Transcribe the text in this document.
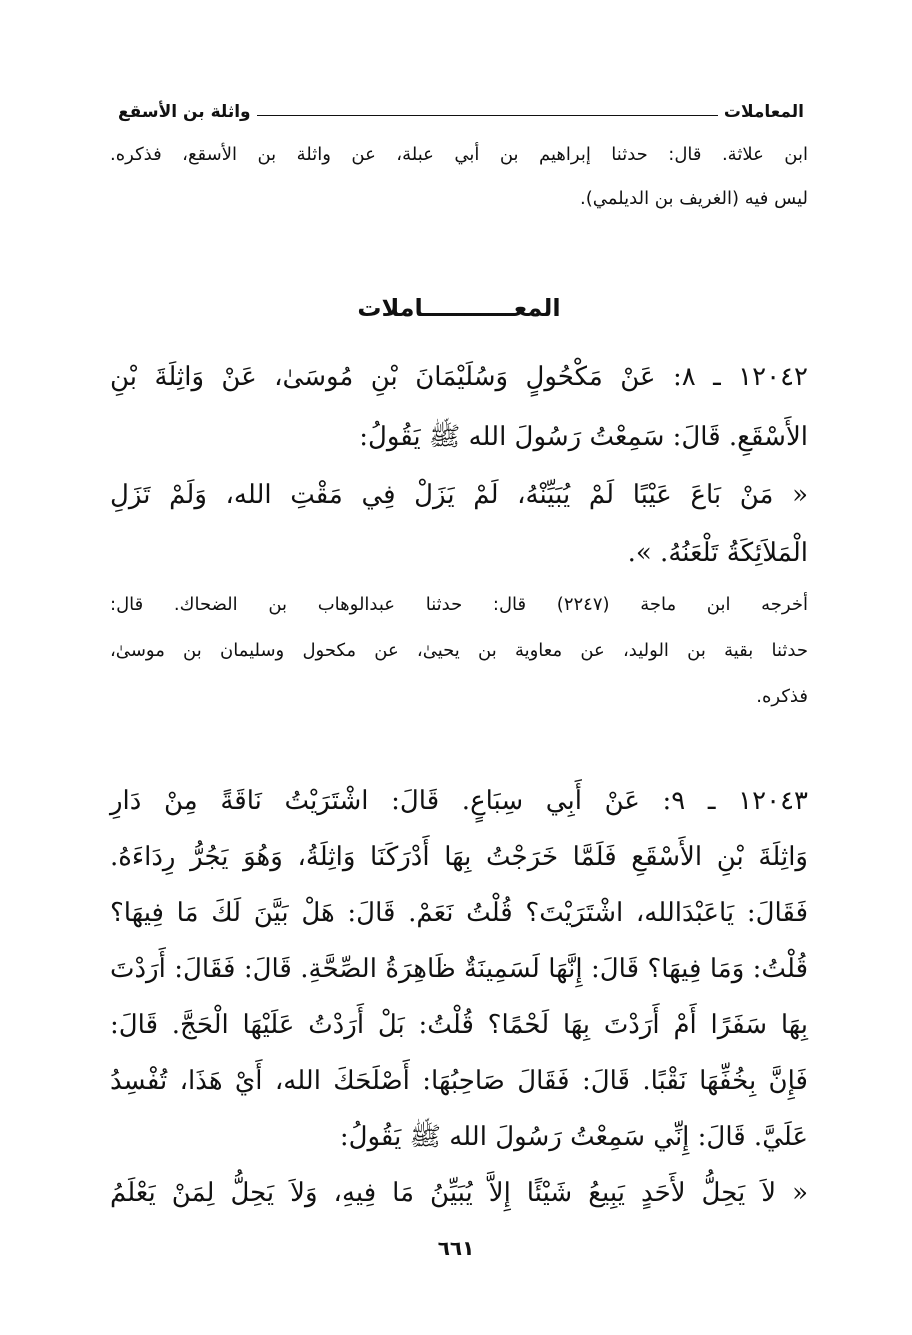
المعاملات
واثلة بن الأسقع
ابن علاثة. قال: حدثنا إبراهيم بن أبي عبلة، عن واثلة بن الأسقع، فذكره.
ليس فيه (الغريف بن الديلمي).
المعـــــــــــاملات
١٢٠٤٢ ـ ٨: عَنْ مَكْحُولٍ وَسُلَيْمَانَ بْنِ مُوسَىٰ، عَنْ وَاثِلَةَ بْنِ
الأَسْقَعِ. قَالَ: سَمِعْتُ رَسُولَ الله ﷺ يَقُولُ:
« مَنْ بَاعَ عَيْبًا لَمْ يُبَيِّنْهُ، لَمْ يَزَلْ فِي مَقْتِ الله، وَلَمْ تَزَلِ
الْمَلاَئِكَةُ تَلْعَنُهُ. ».
أخرجه ابن ماجة (٢٢٤٧) قال: حدثنا عبدالوهاب بن الضحاك. قال:
حدثنا بقية بن الوليد، عن معاوية بن يحيىٰ، عن مكحول وسليمان بن موسىٰ،
فذكره.
١٢٠٤٣ ـ ٩: عَنْ أَبِي سِبَاعٍ. قَالَ: اشْتَرَيْتُ نَاقَةً مِنْ دَارِ
وَاثِلَةَ بْنِ الأَسْقَعِ فَلَمَّا خَرَجْتُ بِهَا أَدْرَكَنَا وَاثِلَةُ، وَهُوَ يَجُرُّ رِدَاءَهُ.
فَقَالَ: يَاعَبْدَالله، اشْتَرَيْتَ؟ قُلْتُ نَعَمْ. قَالَ: هَلْ بَيَّنَ لَكَ مَا فِيهَا؟
قُلْتُ: وَمَا فِيهَا؟ قَالَ: إِنَّهَا لَسَمِينَةٌ ظَاهِرَةُ الصِّحَّةِ. قَالَ: فَقَالَ: أَرَدْتَ
بِهَا سَفَرًا أَمْ أَرَدْتَ بِهَا لَحْمًا؟ قُلْتُ: بَلْ أَرَدْتُ عَلَيْهَا الْحَجَّ. قَالَ:
فَإِنَّ بِخُفِّهَا نَقْبًا. قَالَ: فَقَالَ صَاحِبُهَا: أَصْلَحَكَ الله، أَيْ هَذَا، تُفْسِدُ
عَلَيَّ. قَالَ: إِنِّي سَمِعْتُ رَسُولَ الله ﷺ يَقُولُ:
« لاَ يَحِلُّ لأَحَدٍ يَبِيعُ شَيْئًا إِلاَّ يُبَيِّنُ مَا فِيهِ، وَلاَ يَحِلُّ لِمَنْ يَعْلَمُ
٦٦١
